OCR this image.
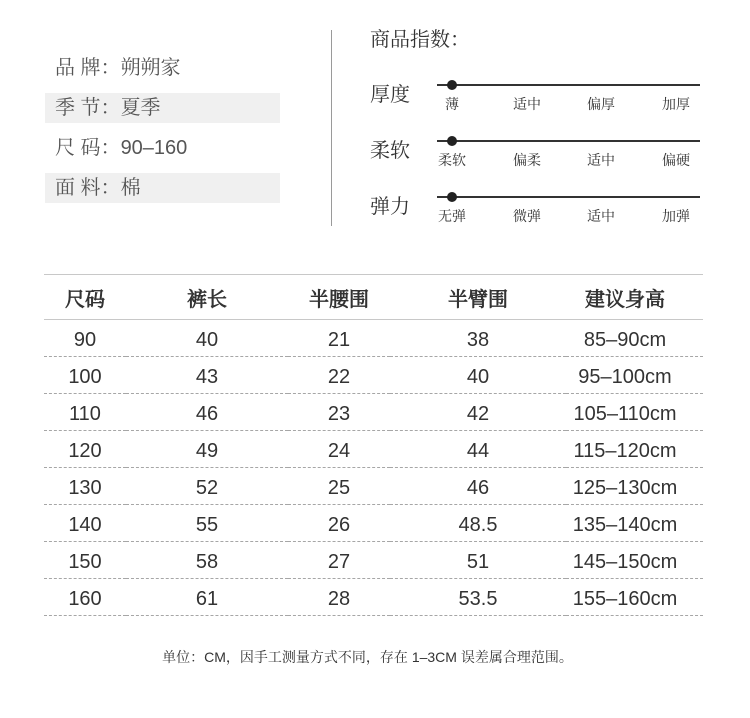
品 牌：朔朔家
季 节：夏季
尺 码：90–160
面 料：棉
商品指数：
厚度	薄	适中	偏厚	加厚
柔软	柔软	偏柔	适中	偏硬
弹力	无弹	微弹	适中	加弹
尺码	裤长	半腰围	半臂围	建议身高
90	40	21	38	85–90cm
100	43	22	40	95–100cm
110	46	23	42	105–110cm
120	49	24	44	115–120cm
130	52	25	46	125–130cm
140	55	26	48.5	135–140cm
150	58	27	51	145–150cm
160	61	28	53.5	155–160cm
单位：CM，因手工测量方式不同，存在 1–3CM 误差属合理范围。
